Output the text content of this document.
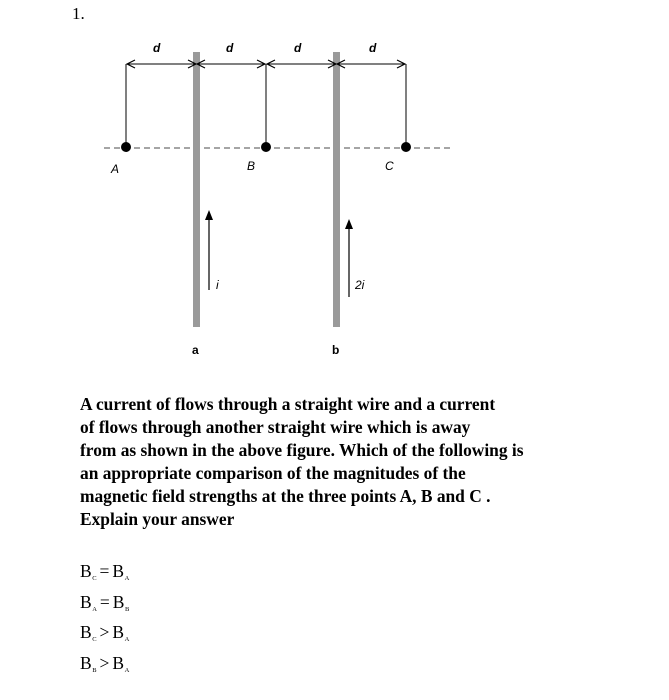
1.
d	d	d	d
A	B	C
i	2i
a	b
A current of flows through a straight wire and a current
of flows through another straight wire which is away
from as shown in the above figure. Which of the following is
an appropriate comparison of the magnitudes of the
magnetic field strengths at the three points A, B and C .
Explain your answer
$B_C = B_A$
$B_A = B_B$
$B_C > B_A$
$B_B > B_A$
